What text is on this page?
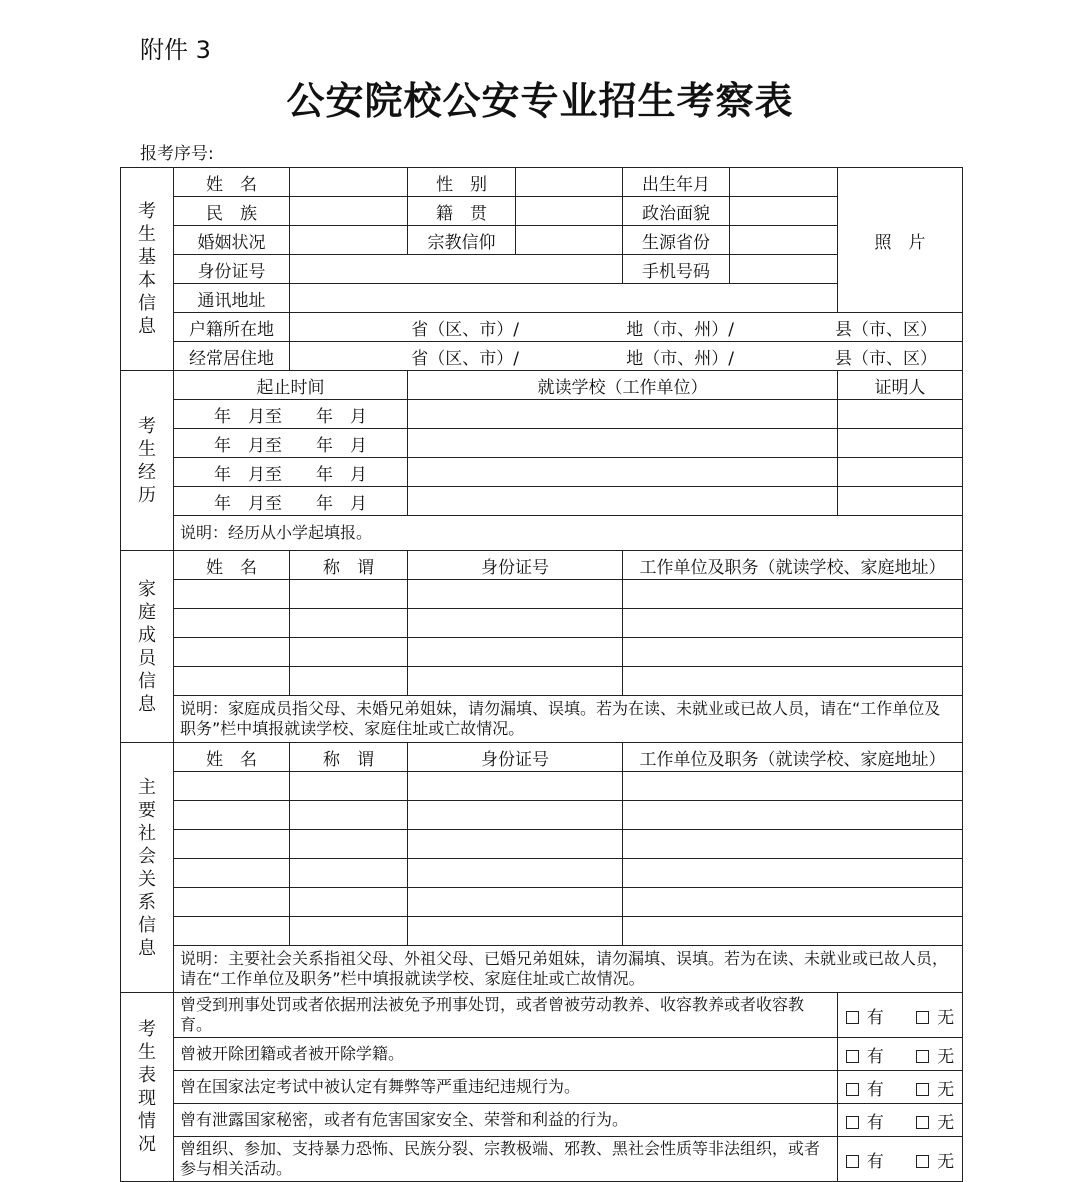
附件 3
公安院校公安专业招生考察表
报考序号:
考生基本信息	姓　名		性　别		出生年月		照　片
	民　族		籍　贯		政治面貌		
	婚姻状况		宗教信仰		生源省份		
	身份证号				手机号码		
	通讯地址						
	户籍所在地	省（区、市）/ 地（市、州）/ 县（市、区）					
	经常居住地	省（区、市）/ 地（市、州）/ 县（市、区）					
考生经历	起止时间		就读学校（工作单位）				证明人
	年　月至　　 年　月						
	年　月至　　 年　月						
	年　月至　　 年　月						
	年　月至　　 年　月						
	说明：经历从小学起填报。						
家庭成员信息	姓　名	称　谓	身份证号		工作单位及职务（就读学校、家庭地址）		

	说明：家庭成员指父母、未婚兄弟姐妹，请勿漏填、误填。若为在读、未就业或已故人员，请在“工作单位及职务”栏中填报就读学校、家庭住址或亡故情况。						
主要社会关系信息	姓　名	称　谓	身份证号		工作单位及职务（就读学校、家庭地址）		

	说明：主要社会关系指祖父母、外祖父母、已婚兄弟姐妹，请勿漏填、误填。若为在读、未就业或已故人员，请在“工作单位及职务”栏中填报就读学校、家庭住址或亡故情况。						
考生表现情况	曾受到刑事处罚或者依据刑法被免予刑事处罚，或者曾被劳动教养、收容教养或者收容教育。						有 无
	曾被开除团籍或者被开除学籍。						有 无
	曾在国家法定考试中被认定有舞弊等严重违纪违规行为。						有 无
	曾有泄露国家秘密，或者有危害国家安全、荣誉和利益的行为。						有 无
	曾组织、参加、支持暴力恐怖、民族分裂、宗教极端、邪教、黑社会性质等非法组织，或者参与相关活动。						有 无
